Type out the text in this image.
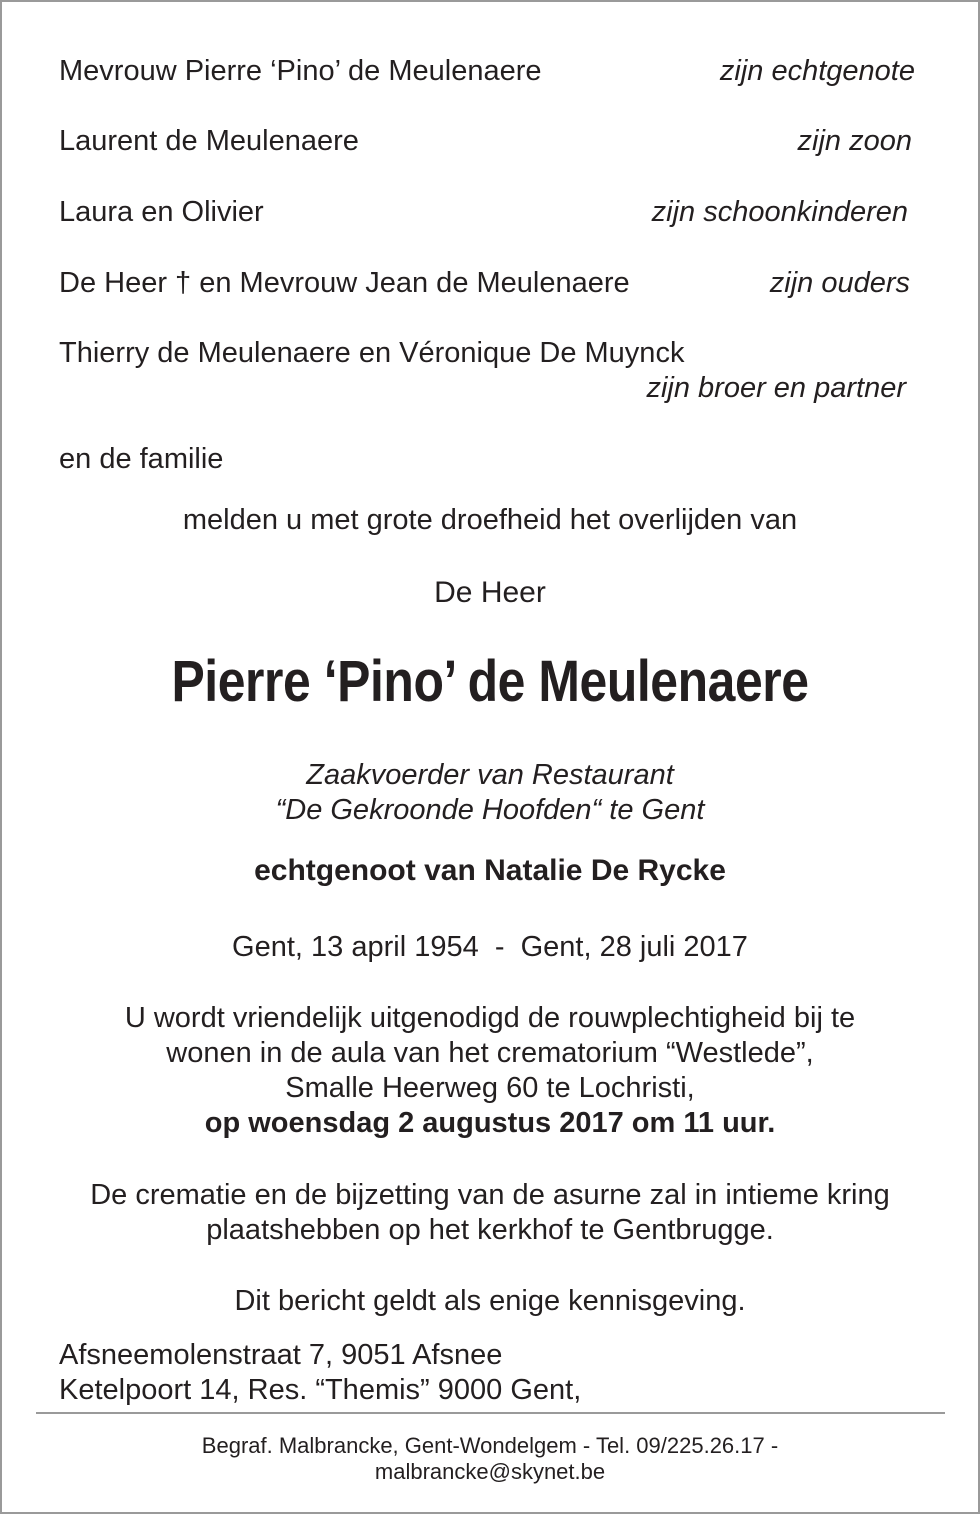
Mevrouw Pierre ‘Pino’ de Meulenaere	zijn echtgenote
Laurent de Meulenaere	zijn zoon
Laura en Olivier	zijn schoonkinderen
De Heer † en Mevrouw Jean de Meulenaere	zijn ouders
Thierry de Meulenaere en Véronique De Muynck
zijn broer en partner
en de familie
melden u met grote droefheid het overlijden van
De Heer
Pierre ‘Pino’ de Meulenaere
Zaakvoerder van Restaurant
“De Gekroonde Hoofden“ te Gent
echtgenoot van Natalie De Rycke
Gent, 13 april 1954  -  Gent, 28 juli 2017
U wordt vriendelijk uitgenodigd de rouwplechtigheid bij te
wonen in de aula van het crematorium “Westlede”,
Smalle Heerweg 60 te Lochristi,
op woensdag 2 augustus 2017 om 11 uur.
De crematie en de bijzetting van de asurne zal in intieme kring
plaatshebben op het kerkhof te Gentbrugge.
Dit bericht geldt als enige kennisgeving.
Afsneemolenstraat 7, 9051 Afsnee
Ketelpoort 14, Res. “Themis” 9000 Gent,
Begraf. Malbrancke, Gent-Wondelgem - Tel. 09/225.26.17 -
malbrancke@skynet.be
